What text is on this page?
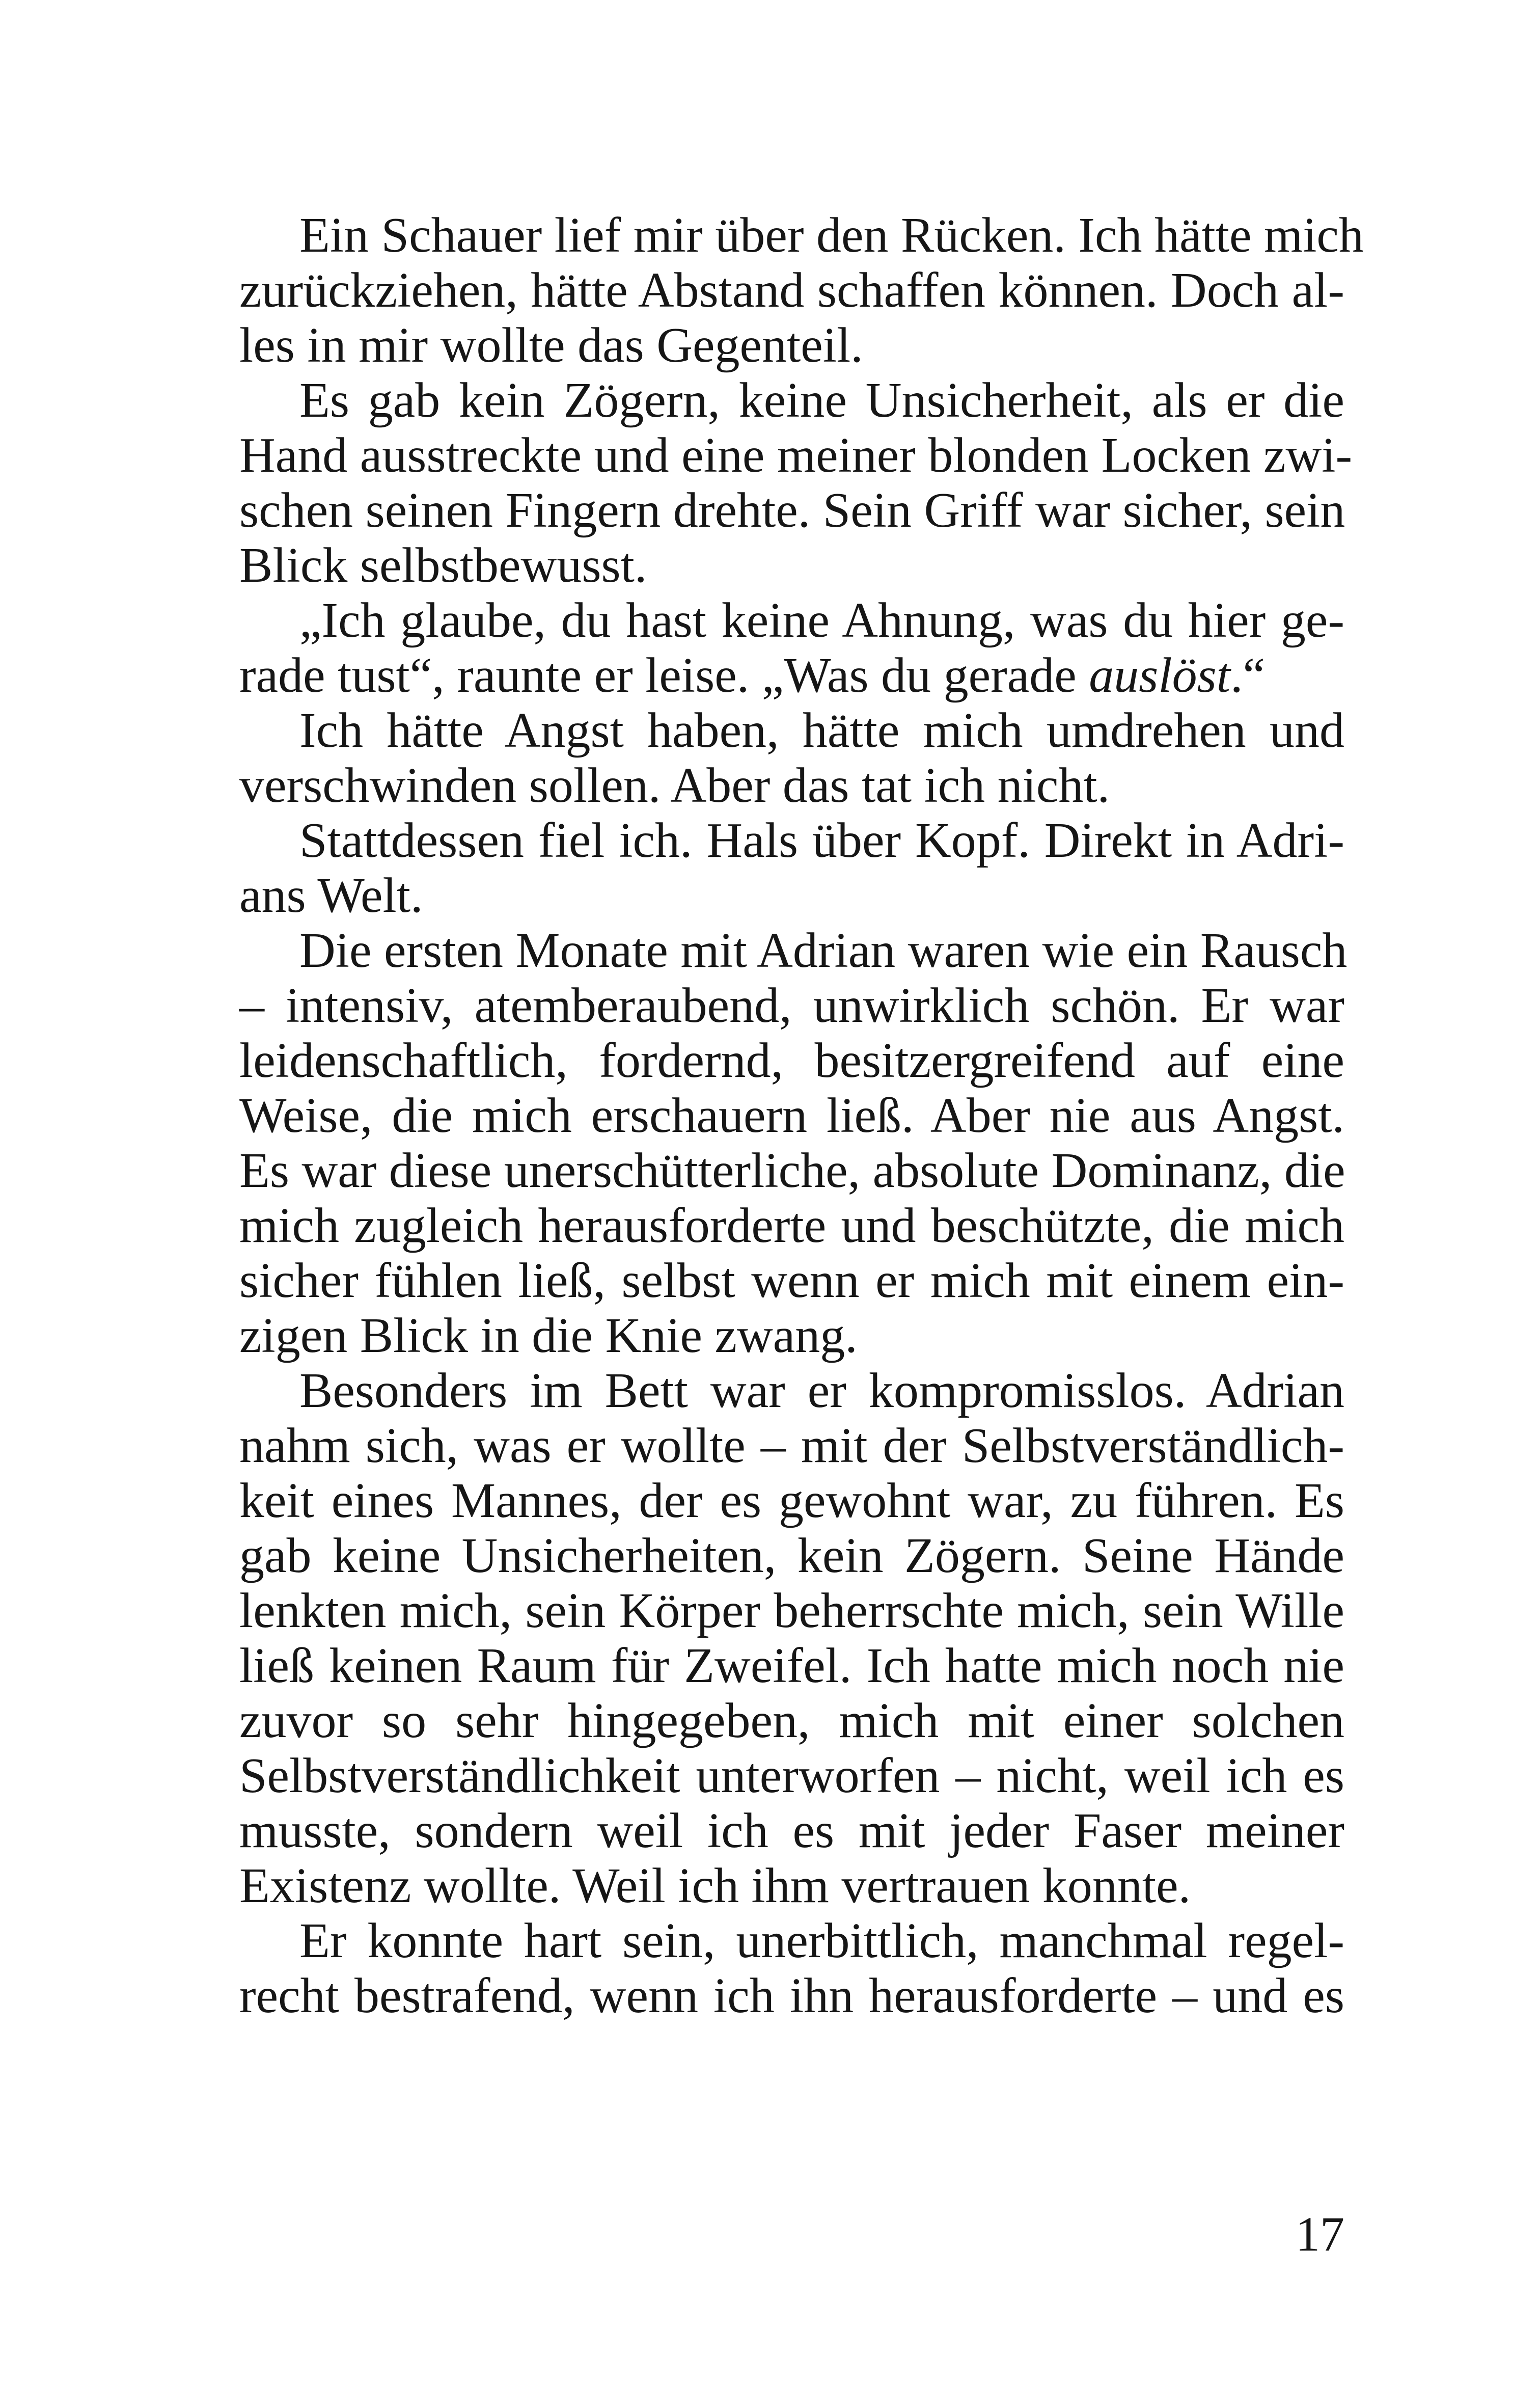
Ein Schauer lief mir über den Rücken. Ich hätte mich
zurückziehen, hätte Abstand schaffen können. Doch al-
les in mir wollte das Gegenteil.
Es gab kein Zögern, keine Unsicherheit, als er die
Hand ausstreckte und eine meiner blonden Locken zwi-
schen seinen Fingern drehte. Sein Griff war sicher, sein
Blick selbstbewusst.
„Ich glaube, du hast keine Ahnung, was du hier ge-
rade tust“, raunte er leise. „Was du gerade auslöst.“
Ich hätte Angst haben, hätte mich umdrehen und
verschwinden sollen. Aber das tat ich nicht.
Stattdessen fiel ich. Hals über Kopf. Direkt in Adri-
ans Welt.
Die ersten Monate mit Adrian waren wie ein Rausch
– intensiv, atemberaubend, unwirklich schön. Er war
leidenschaftlich, fordernd, besitzergreifend auf eine
Weise, die mich erschauern ließ. Aber nie aus Angst.
Es war diese unerschütterliche, absolute Dominanz, die
mich zugleich herausforderte und beschützte, die mich
sicher fühlen ließ, selbst wenn er mich mit einem ein-
zigen Blick in die Knie zwang.
Besonders im Bett war er kompromisslos. Adrian
nahm sich, was er wollte – mit der Selbstverständlich-
keit eines Mannes, der es gewohnt war, zu führen. Es
gab keine Unsicherheiten, kein Zögern. Seine Hände
lenkten mich, sein Körper beherrschte mich, sein Wille
ließ keinen Raum für Zweifel. Ich hatte mich noch nie
zuvor so sehr hingegeben, mich mit einer solchen
Selbstverständlichkeit unterworfen – nicht, weil ich es
musste, sondern weil ich es mit jeder Faser meiner
Existenz wollte. Weil ich ihm vertrauen konnte.
Er konnte hart sein, unerbittlich, manchmal regel-
recht bestrafend, wenn ich ihn herausforderte – und es
17
